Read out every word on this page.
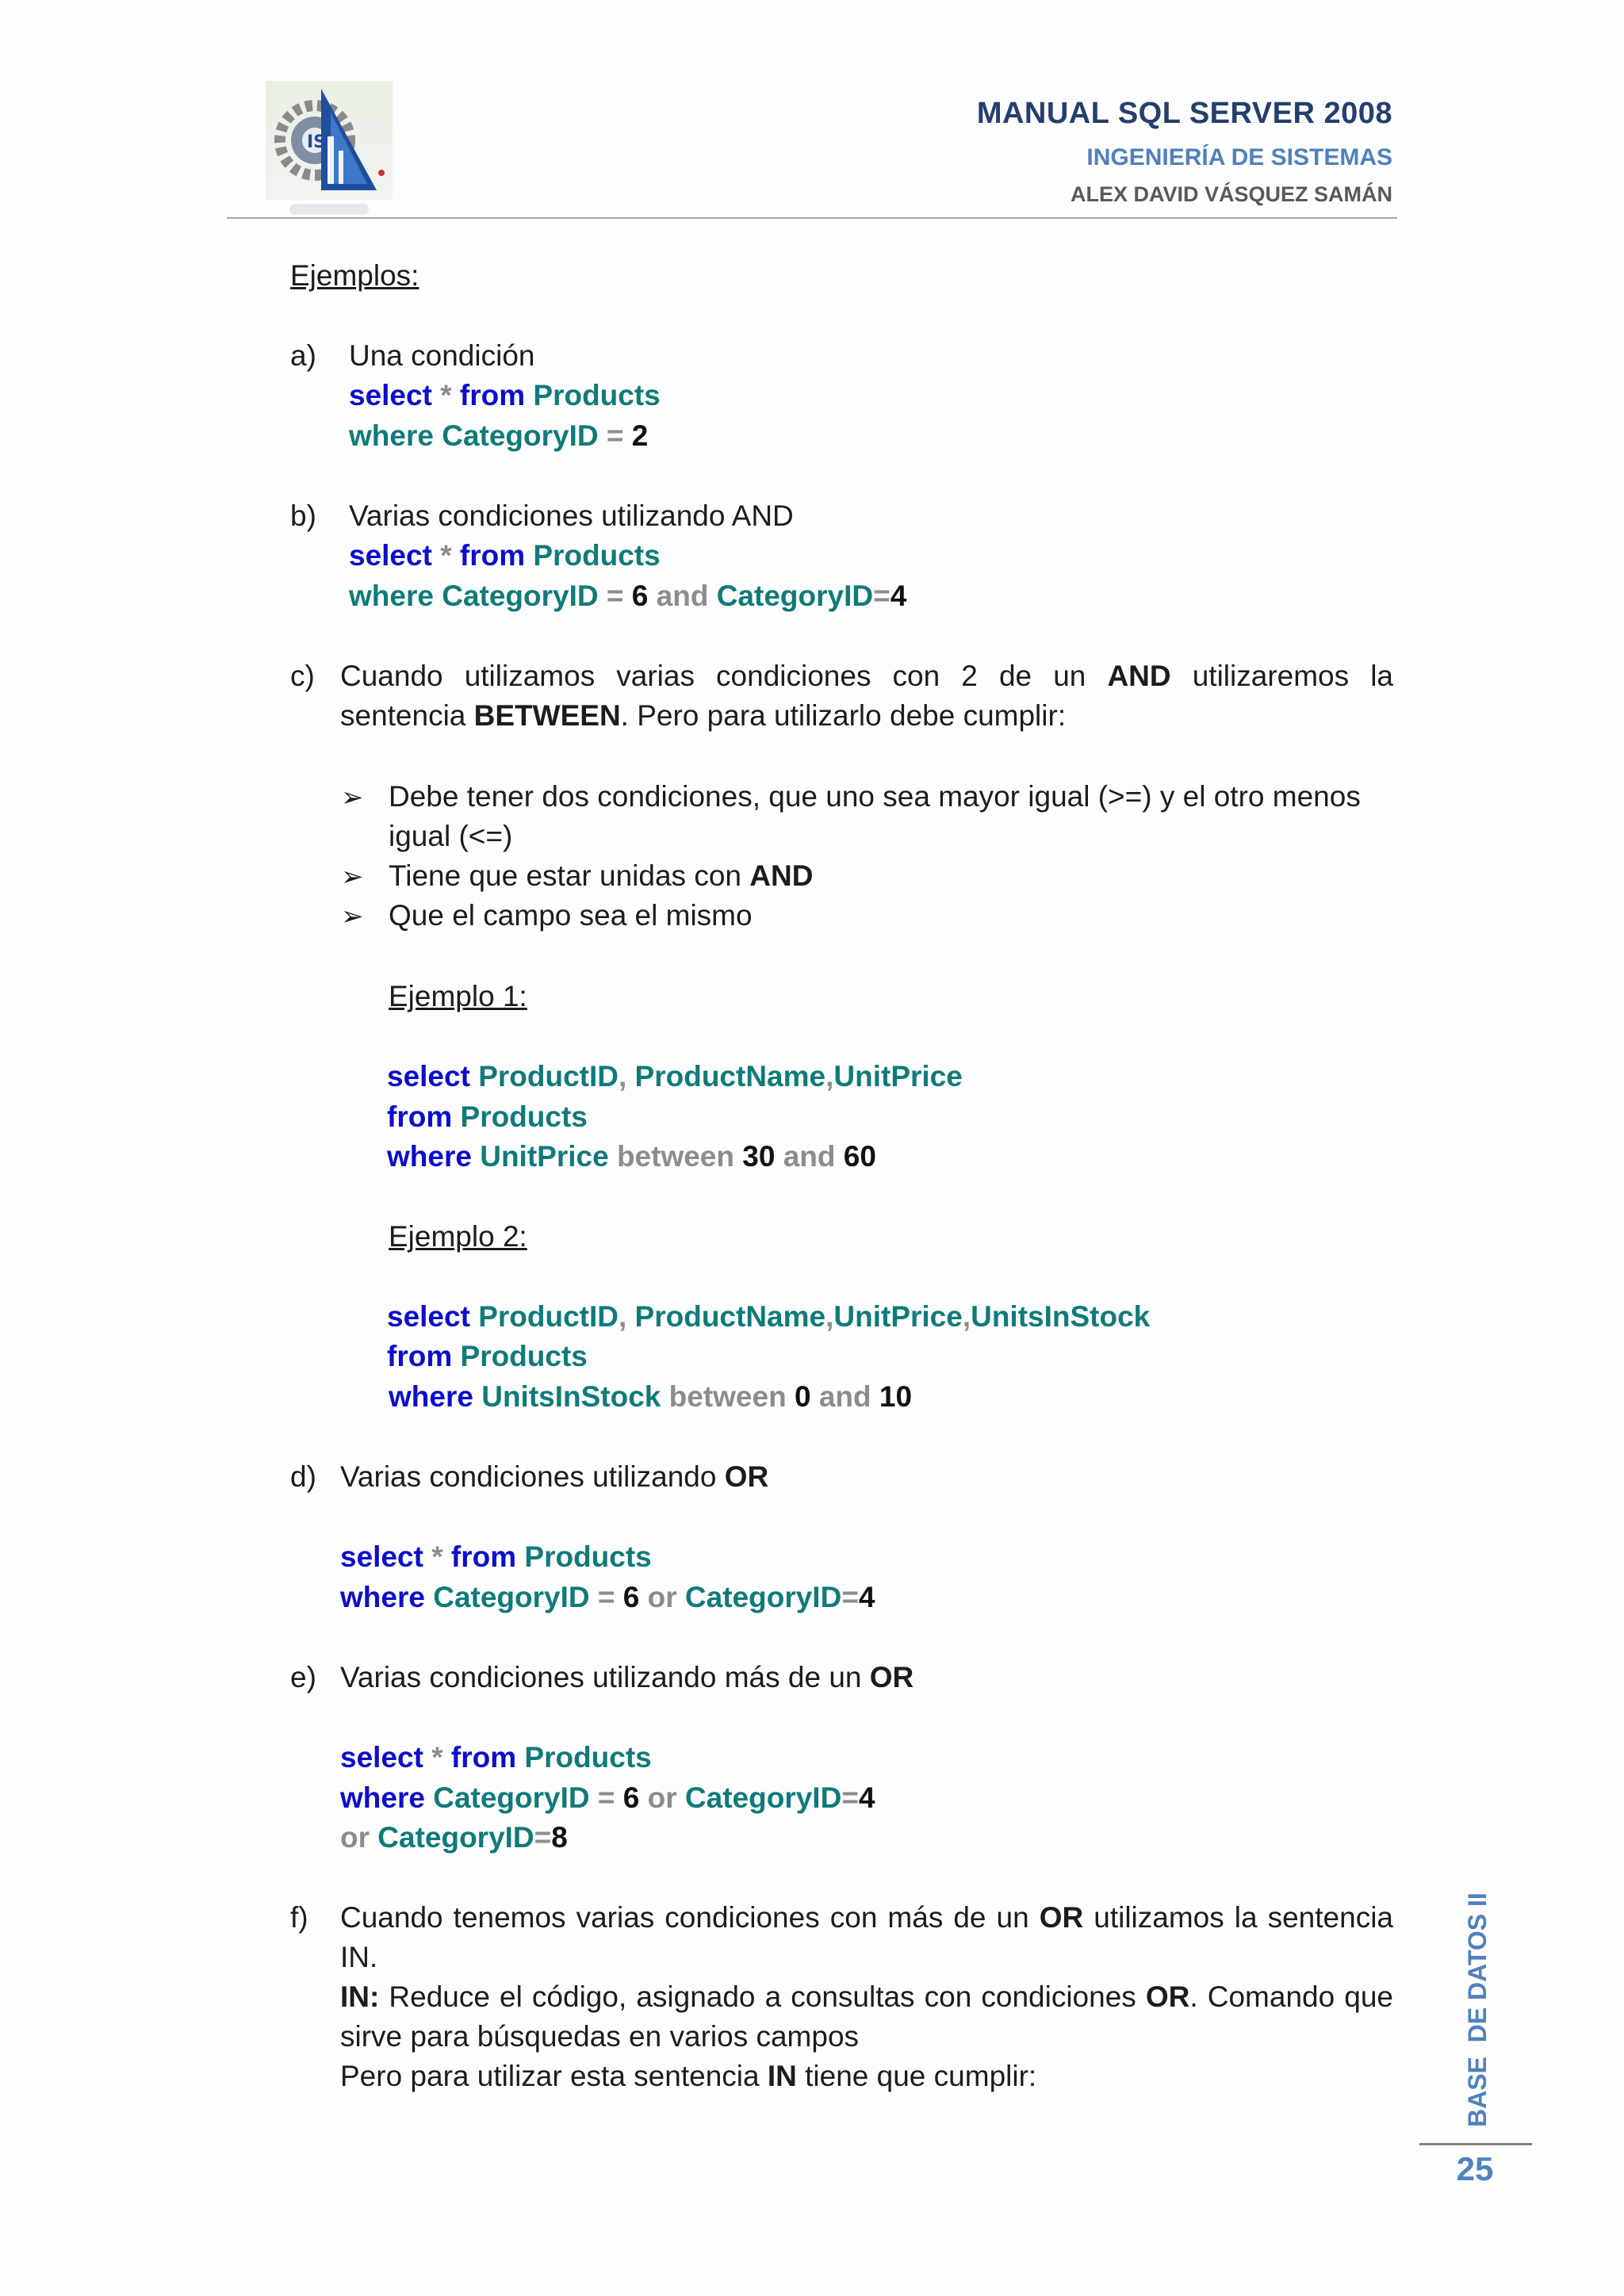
IS
MANUAL SQL SERVER 2008
INGENIERÍA DE SISTEMAS
ALEX DAVID VÁSQUEZ SAMÁN
Ejemplos:
a) Una condición
select * from Products
where CategoryID = 2
b) Varias condiciones utilizando AND
select * from Products
where CategoryID = 6 and CategoryID=4
c) Cuando utilizamos varias condiciones con 2 de un AND utilizaremos la sentencia BETWEEN. Pero para utilizarlo debe cumplir:
➢ Debe tener dos condiciones, que uno sea mayor igual (>=) y el otro menos
igual (<=)
➢ Tiene que estar unidas con AND
➢ Que el campo sea el mismo
Ejemplo 1:
select ProductID, ProductName,UnitPrice
from Products
where UnitPrice between 30 and 60
Ejemplo 2:
select ProductID, ProductName,UnitPrice,UnitsInStock
from Products
where UnitsInStock between 0 and 10
d) Varias condiciones utilizando OR
select * from Products
where CategoryID = 6 or CategoryID=4
e) Varias condiciones utilizando más de un OR
select * from Products
where CategoryID = 6 or CategoryID=4
or CategoryID=8
f) Cuando tenemos varias condiciones con más de un OR utilizamos la sentencia IN.
IN: Reduce el código, asignado a consultas con condiciones OR. Comando que sirve para búsquedas en varios campos
Pero para utilizar esta sentencia IN tiene que cumplir:	BASE  DE DATOS II
25
